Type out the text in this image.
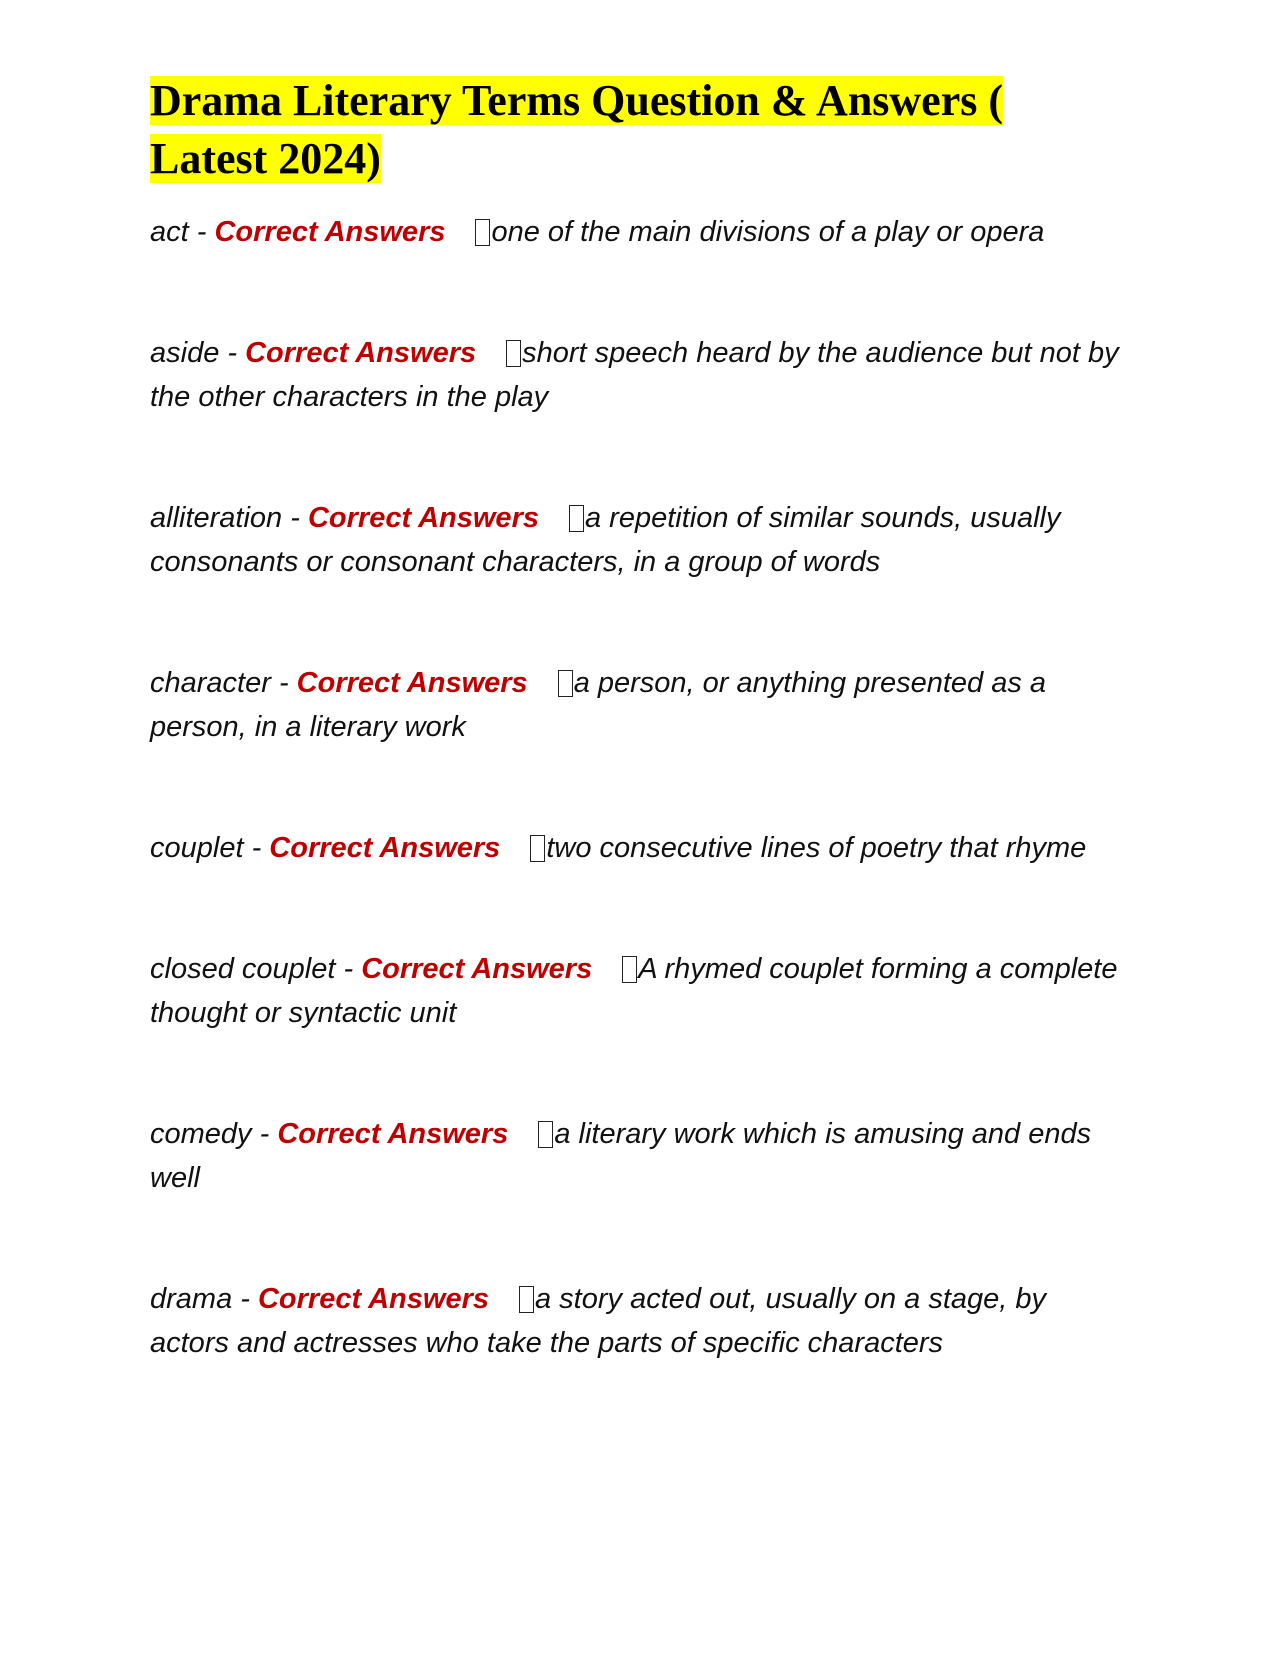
Drama Literary Terms Question & Answers ( Latest 2024)

act - Correct Answers one of the main divisions of a play or opera

aside - Correct Answers short speech heard by the audience but not by the other characters in the play

alliteration - Correct Answers a repetition of similar sounds, usually consonants or consonant characters, in a group of words

character - Correct Answers a person, or anything presented as a person, in a literary work

couplet - Correct Answers two consecutive lines of poetry that rhyme

closed couplet - Correct Answers A rhymed couplet forming a complete thought or syntactic unit

comedy - Correct Answers a literary work which is amusing and ends well

drama - Correct Answers a story acted out, usually on a stage, by actors and actresses who take the parts of specific characters
